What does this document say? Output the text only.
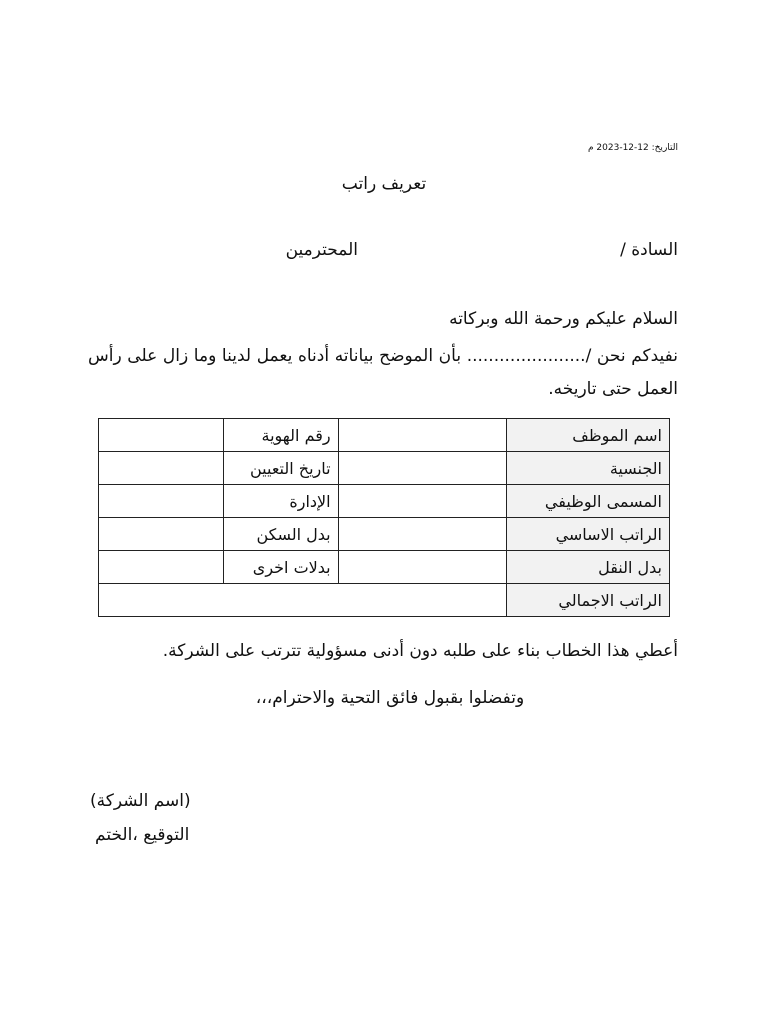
التاريخ: 12-12-2023 م
تعريف راتب
السادة /
المحترمين
السلام عليكم ورحمة الله وبركاته
نفيدكم نحن /...................... بأن الموضح بياناته أدناه يعمل لدينا وما زال على رأس العمل حتى تاريخه.
اسم الموظف		رقم الهوية	
الجنسية		تاريخ التعيين	
المسمى الوظيفي		الإدارة	
الراتب الاساسي		بدل السكن	
بدل النقل		بدلات اخرى	
الراتب الاجمالي			
أعطي هذا الخطاب بناء على طلبه دون أدنى مسؤولية تترتب على الشركة.
وتفضلوا بقبول فائق التحية والاحترام،،،
(اسم الشركة)
التوقيع ،الختم
